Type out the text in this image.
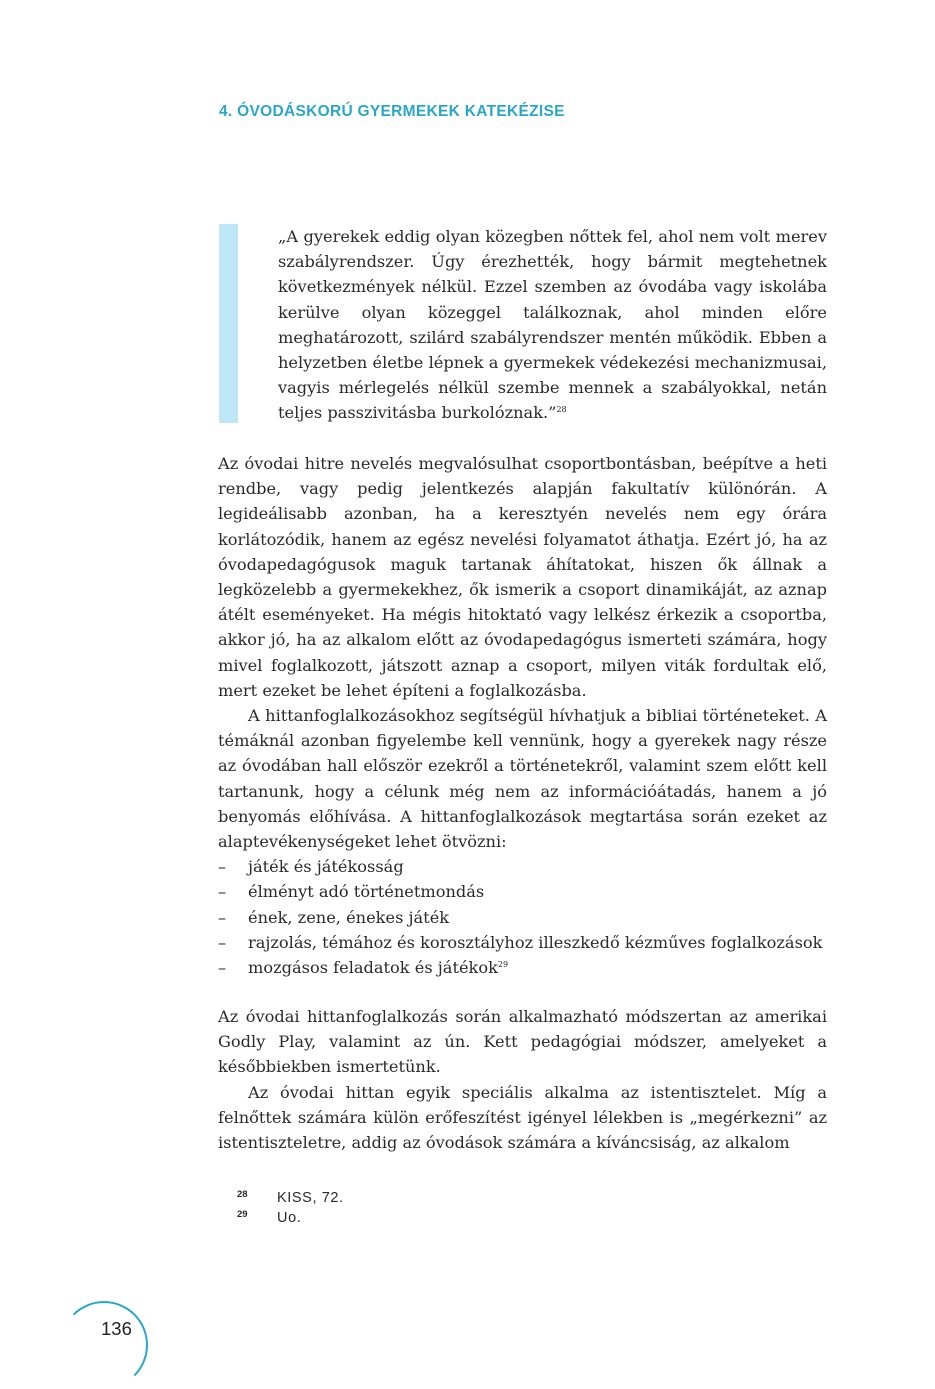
4. ÓVODÁSKORÚ GYERMEKEK KATEKÉZISE
„A gyerekek eddig olyan közegben nőttek fel, ahol nem volt merev szabályrendszer. Úgy érezhették, hogy bármit megtehetnek következmények nélkül. Ezzel szemben az óvodába vagy iskolába kerülve olyan közeggel találkoznak, ahol minden előre meghatározott, szilárd szabályrendszer mentén működik. Ebben a helyzetben életbe lépnek a gyermekek védekezési mechanizmusai, vagyis mérlegelés nélkül szembe mennek a szabályokkal, netán teljes passzivitásba burkolóznak.”$^{28}$

Az óvodai hitre nevelés megvalósulhat csoportbontásban, beépítve a heti rendbe, vagy pedig jelentkezés alapján fakultatív különórán. A legideálisabb azonban, ha a keresztyén nevelés nem egy órára korlátozódik, hanem az egész nevelési folyamatot áthatja. Ezért jó, ha az óvodapedagógusok maguk tartanak áhítatokat, hiszen ők állnak a legközelebb a gyermekekhez, ők ismerik a csoport dinamikáját, az aznap átélt eseményeket. Ha mégis hitoktató vagy lelkész érkezik a csoportba, akkor jó, ha az alkalom előtt az óvodapedagógus ismerteti számára, hogy mivel foglalkozott, játszott aznap a csoport, milyen viták fordultak elő, mert ezeket be lehet építeni a foglalkozásba.

A hittanfoglalkozásokhoz segítségül hívhatjuk a bibliai történeteket. A témáknál azonban figyelembe kell vennünk, hogy a gyerekek nagy része az óvodában hall először ezekről a történetekről, valamint szem előtt kell tartanunk, hogy a célunk még nem az információátadás, hanem a jó benyomás előhívása. A hittanfoglalkozások megtartása során ezeket az alaptevékenységeket lehet ötvözni:

– játék és játékosság
– élményt adó történetmondás
– ének, zene, énekes játék
– rajzolás, témához és korosztályhoz illeszkedő kézműves foglalkozások
– mozgásos feladatok és játékok$^{29}$

Az óvodai hittanfoglalkozás során alkalmazható módszertan az amerikai Godly Play, valamint az ún. Kett pedagógiai módszer, amelyeket a későbbiekben ismertetünk.

Az óvodai hittan egyik speciális alkalma az istentisztelet. Míg a felnőttek számára külön erőfeszítést igényel lélekben is „megérkezni” az istentiszteletre, addig az óvodások számára a kíváncsiság, az alkalom

28 KISS, 72.
29 Uo.
136
